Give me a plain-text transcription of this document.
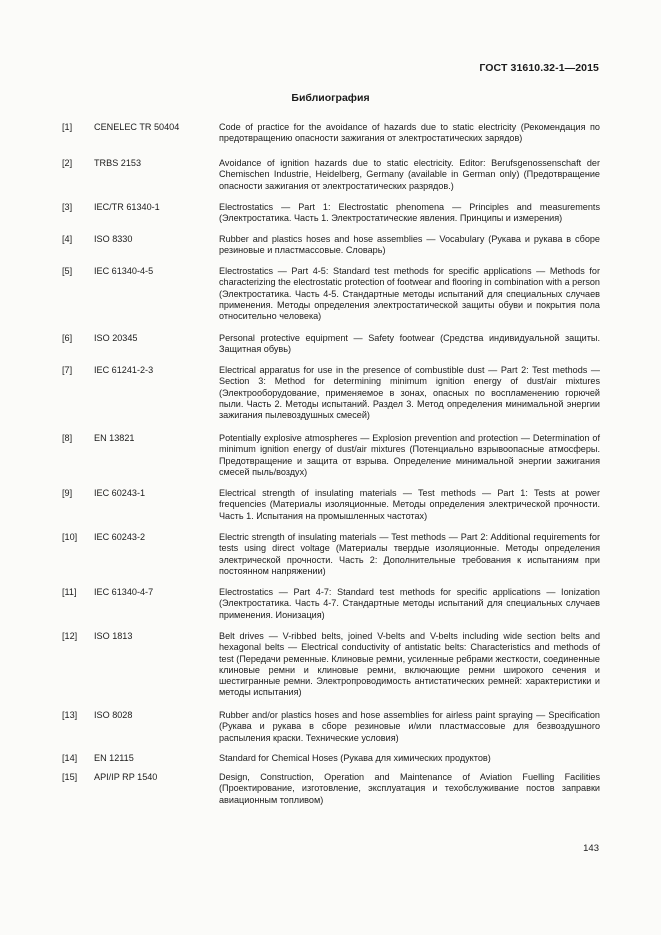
ГОСТ 31610.32-1—2015
Библиография
[1]	CENELEC TR 50404	Code of practice for the avoidance of hazards due to static electricity (Рекомендация по предотвращению опасности зажигания от электростатических зарядов)
[2]	TRBS 2153	Avoidance of ignition hazards due to static electricity. Editor: Berufsgenossenschaft der Chemischen Industrie, Heidelberg, Germany (available in German only) (Предотвращение опасности зажигания от электростатических разрядов.)
[3]	IEC/TR 61340-1	Electrostatics — Part 1: Electrostatic phenomena — Principles and measurements (Электростатика. Часть 1. Электростатические явления. Принципы и измерения)
[4]	ISO 8330	Rubber and plastics hoses and hose assemblies — Vocabulary (Рукава и рукава в сборе резиновые и пластмассовые. Словарь)
[5]	IEC 61340-4-5	Electrostatics — Part 4-5: Standard test methods for specific applications — Methods for characterizing the electrostatic protection of footwear and flooring in combination with a person (Электростатика. Часть 4-5. Стандартные методы испытаний для специальных случаев применения. Методы определения электростатической защиты обуви и покрытия пола относительно человека)
[6]	ISO 20345	Personal protective equipment — Safety footwear (Средства индивидуальной защиты. Защитная обувь)
[7]	IEC 61241-2-3	Electrical apparatus for use in the presence of combustible dust — Part 2: Test methods — Section 3: Method for determining minimum ignition energy of dust/air mixtures (Электрооборудование, применяемое в зонах, опасных по воспламенению горючей пыли. Часть 2. Методы испытаний. Раздел 3. Метод определения минимальной энергии зажигания пылевоздушных смесей)
[8]	EN 13821	Potentially explosive atmospheres — Explosion prevention and protection — Determination of minimum ignition energy of dust/air mixtures (Потенциально взрывоопасные атмосферы. Предотвращение и защита от взрыва. Определение минимальной энергии зажигания смесей пыль/воздух)
[9]	IEC 60243-1	Electrical strength of insulating materials — Test methods — Part 1: Tests at power frequencies (Материалы изоляционные. Методы определения электрической прочности. Часть 1. Испытания на промышленных частотах)
[10]	IEC 60243-2	Electric strength of insulating materials — Test methods — Part 2: Additional requirements for tests using direct voltage (Материалы твердые изоляционные. Методы определения электрической прочности. Часть 2: Дополнительные требования к испытаниям при постоянном напряжении)
[11]	IEC 61340-4-7	Electrostatics — Part 4-7: Standard test methods for specific applications — Ionization (Электростатика. Часть 4-7. Стандартные методы испытаний для специальных случаев применения. Ионизация)
[12]	ISO 1813	Belt drives — V-ribbed belts, joined V-belts and V-belts including wide section belts and hexagonal belts — Electrical conductivity of antistatic belts: Characteristics and methods of test (Передачи ременные. Клиновые ремни, усиленные ребрами жесткости, соединенные клиновые ремни и клиновые ремни, включающие ремни широкого сечения и шестигранные ремни. Электропроводимость антистатических ремней: характеристики и методы испытания)
[13]	ISO 8028	Rubber and/or plastics hoses and hose assemblies for airless paint spraying — Specification (Рукава и рукава в сборе резиновые и/или пластмассовые для безвоздушного распыления краски. Технические условия)
[14]	EN 12115	Standard for Chemical Hoses (Рукава для химических продуктов)
[15]	API/IP RP 1540	Design, Construction, Operation and Maintenance of Aviation Fuelling Facilities (Проектирование, изготовление, эксплуатация и техобслуживание постов заправки авиационным топливом)
143
